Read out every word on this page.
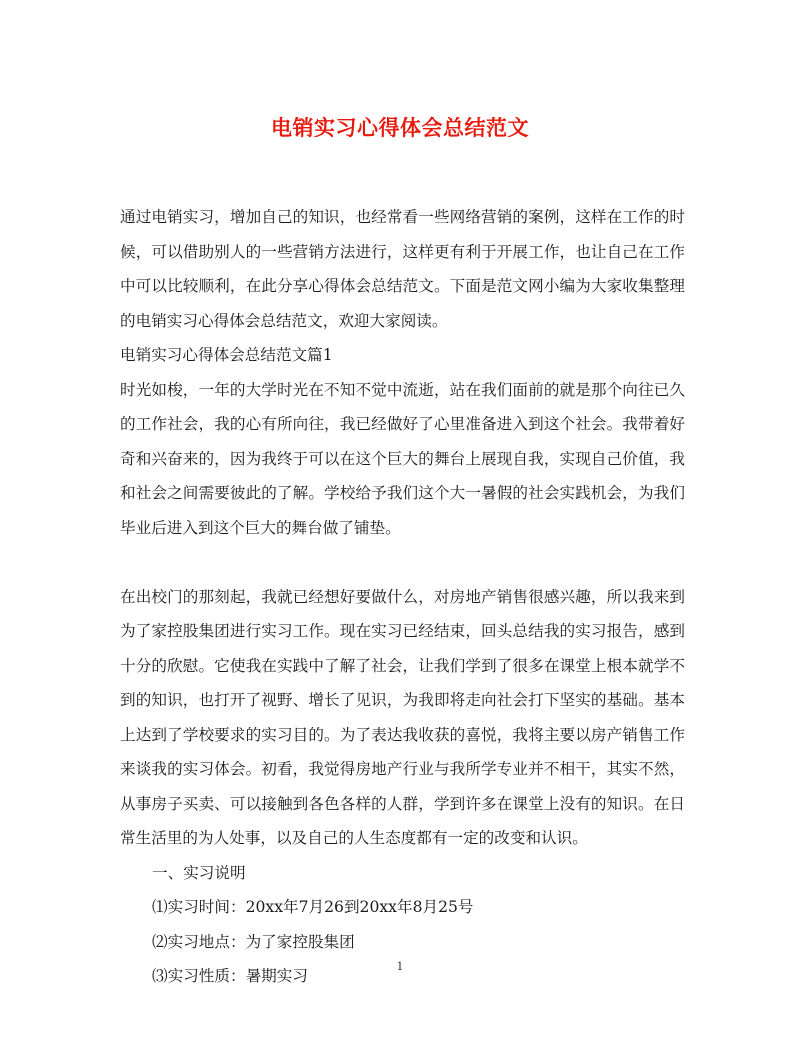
电销实习心得体会总结范文

通过电销实习，增加自己的知识，也经常看一些网络营销的案例，这样在工作的时候，可以借助别人的一些营销方法进行，这样更有利于开展工作，也让自己在工作中可以比较顺利，在此分享心得体会总结范文。下面是范文网小编为大家收集整理的电销实习心得体会总结范文，欢迎大家阅读。

电销实习心得体会总结范文篇1

时光如梭，一年的大学时光在不知不觉中流逝，站在我们面前的就是那个向往已久的工作社会，我的心有所向往，我已经做好了心里准备进入到这个社会。我带着好奇和兴奋来的，因为我终于可以在这个巨大的舞台上展现自我，实现自己价值，我和社会之间需要彼此的了解。学校给予我们这个大一暑假的社会实践机会，为我们毕业后进入到这个巨大的舞台做了铺垫。

在出校门的那刻起，我就已经想好要做什么，对房地产销售很感兴趣，所以我来到为了家控股集团进行实习工作。现在实习已经结束，回头总结我的实习报告，感到十分的欣慰。它使我在实践中了解了社会，让我们学到了很多在课堂上根本就学不到的知识，也打开了视野、增长了见识，为我即将走向社会打下坚实的基础。基本上达到了学校要求的实习目的。为了表达我收获的喜悦，我将主要以房产销售工作来谈我的实习体会。初看，我觉得房地产行业与我所学专业并不相干，其实不然，从事房子买卖、可以接触到各色各样的人群，学到许多在课堂上没有的知识。在日常生活里的为人处事，以及自己的人生态度都有一定的改变和认识。

一、实习说明

⑴实习时间：20xx年7月26到20xx年8月25号

⑵实习地点：为了家控股集团

⑶实习性质：暑期实习

1
